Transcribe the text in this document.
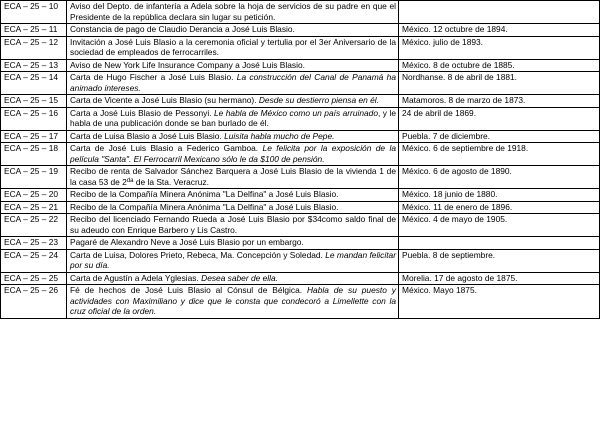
ECA – 25 – 10	Aviso del Depto. de infantería a Adela sobre la hoja de servicios de su padre en que el Presidente de la república declara sin lugar su petición.	
ECA – 25 – 11	Constancia de pago de Claudio Derancia a José Luis Blasio.	México. 12 octubre de 1894.
ECA – 25 – 12	Invitación a José Luis Blasio a la ceremonia oficial y tertulia por el 3er Aniversario de la sociedad de empleados de ferrocarriles.	México. julio de 1893.
ECA – 25 – 13	Aviso de New York Life Insurance Company a José Luis Blasio.	México. 8 de octubre de 1885.
ECA – 25 – 14	Carta de Hugo Fischer a José Luis Blasio. La construcción del Canal de Panamá ha animado intereses.	Nordhanse. 8 de abril de 1881.
ECA – 25 – 15	Carta de Vicente a José Luis Blasio (su hermano). Desde su destierro piensa en él.	Matamoros. 8 de marzo de 1873.
ECA – 25 – 16	Carta a José Luis Blasio de Pessonyi. Le habla de México como un país arruinado, y le habla de una publicación donde se ban burlado de él.	24 de abril de 1869.
ECA – 25 – 17	Carta de Luisa Blasio a José Luis Blasio. Luisita habla mucho de Pepe.	Puebla. 7 de diciembre.
ECA – 25 – 18	Carta de José Luis Blasio a Federico Gamboa. Le felicita por la exposición de la película "Santa". El Ferrocarril Mexicano sólo le da $100 de pensión.	México. 6 de septiembre de 1918.
ECA – 25 – 19	Recibo de renta de Salvador Sánchez Barquera a José Luis Blasio de la vivienda 1 de la casa 53 de $2^{da}$ de la Sta. Veracruz.	México. 6 de agosto de 1890.
ECA – 25 – 20	Recibo de la Compañía Minera Anónima "La Delfina" a José Luis Blasio.	México. 18 junio de 1880.
ECA – 25 – 21	Recibo de la Compañía Minera Anónima "La Delfina" a José Luis Blasio.	México. 11 de enero de 1896.
ECA – 25 – 22	Recibo del licenciado Fernando Rueda a José Luis Blasio por $34como saldo final de su adeudo con Enrique Barbero y Lis Castro.	México. 4 de mayo de 1905.
ECA – 25 – 23	Pagaré de Alexandro Neve a José Luis Blasio por un embargo.	
ECA – 25 – 24	Carta de Luisa, Dolores Prieto, Rebeca, Ma. Concepción y Soledad. Le mandan felicitar por su día.	Puebla. 8 de septiembre.
ECA – 25 – 25	Carta de Agustín a Adela Yglesias. Desea saber de ella.	Morelia. 17 de agosto de 1875.
ECA – 25 – 26	Fé de hechos de José Luis Blasio al Cónsul de Bélgica. Habla de su puesto y actividades con Maximiliano y dice que le consta que condecoró a Limellette con la cruz oficial de la orden.	México. Mayo 1875.
